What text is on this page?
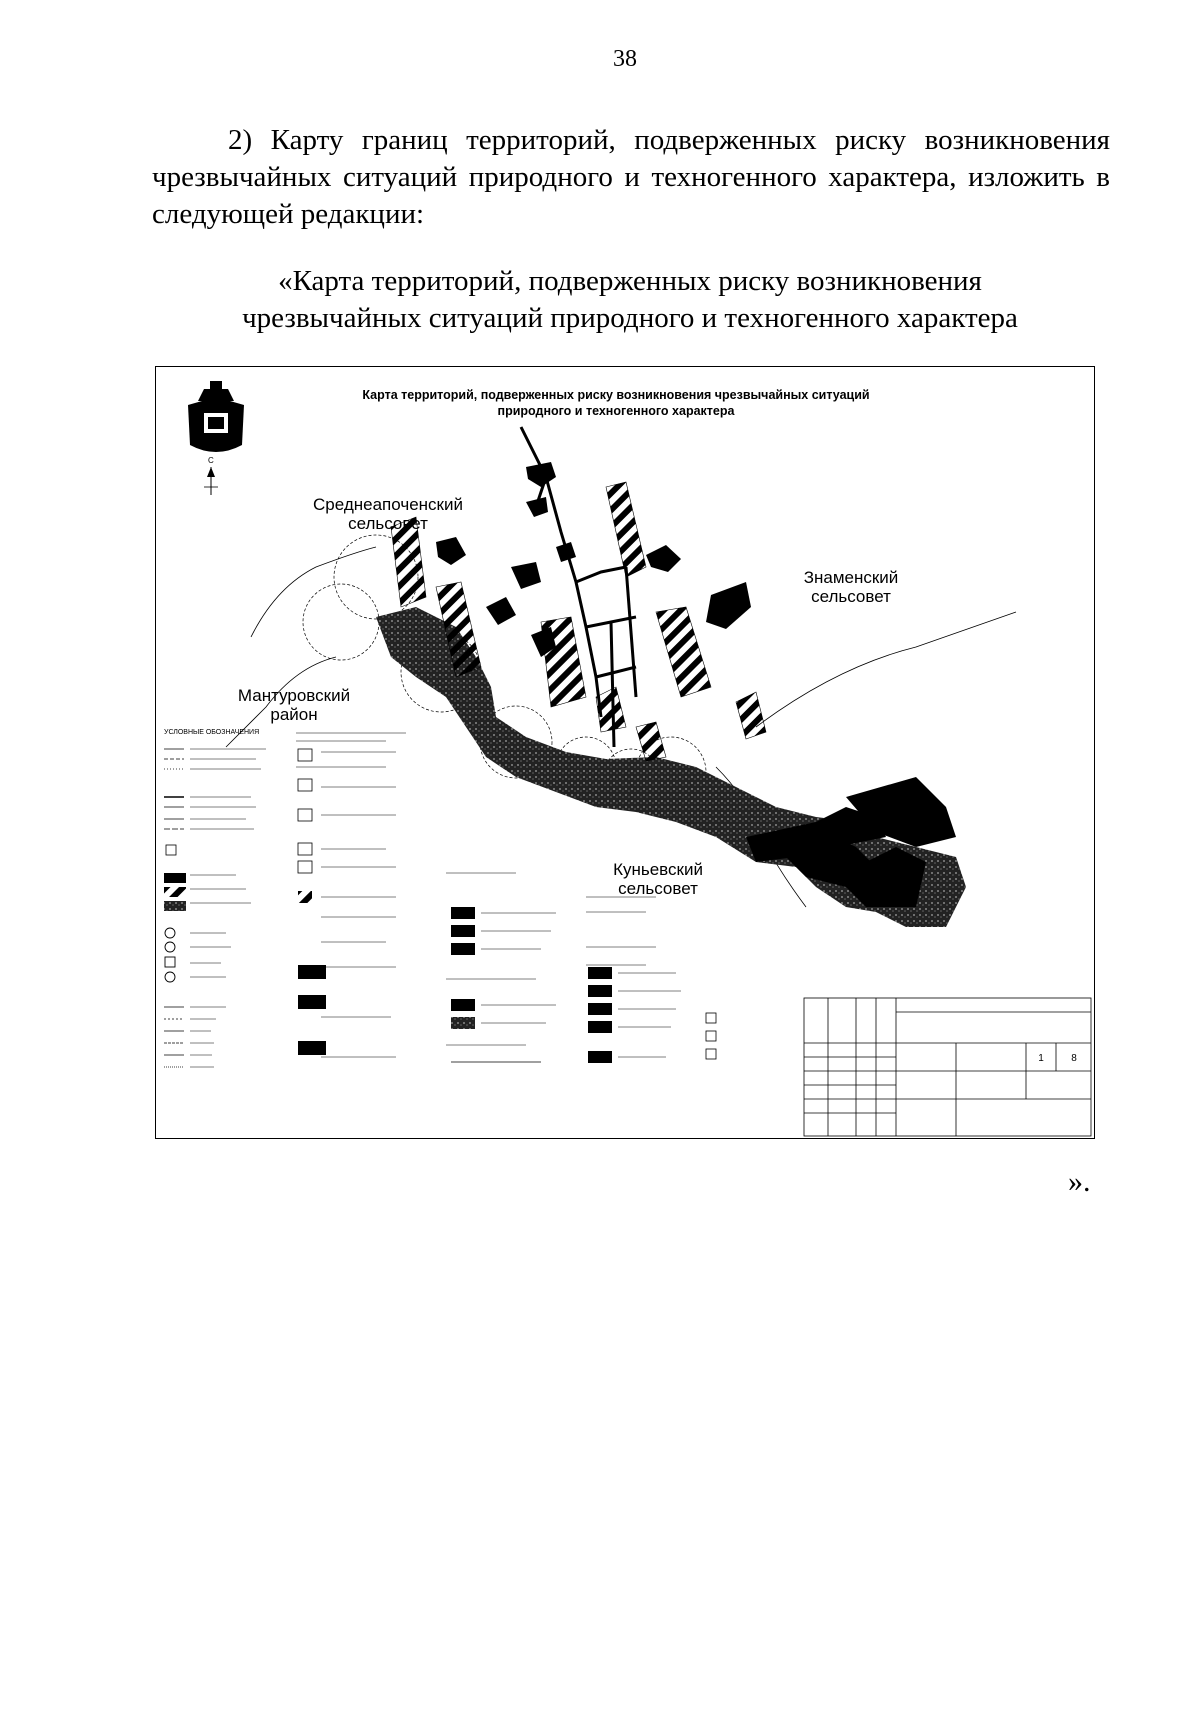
38
2) Карту границ территорий, подверженных риску возникновения чрезвычайных ситуаций природного и техногенного характера, изложить в следующей редакции:
«Карта территорий, подверженных риску возникновения
чрезвычайных ситуаций природного и техногенного характера
Карта территорий, подверженных риску возникновения чрезвычайных ситуаций
природного и техногенного характера
С
Среднеапоченский
сельсовет
Знаменский
сельсовет
Мантуровский
район
Куньевский
сельсовет
УСЛОВНЫЕ ОБОЗНАЧЕНИЯ
1	8
».
